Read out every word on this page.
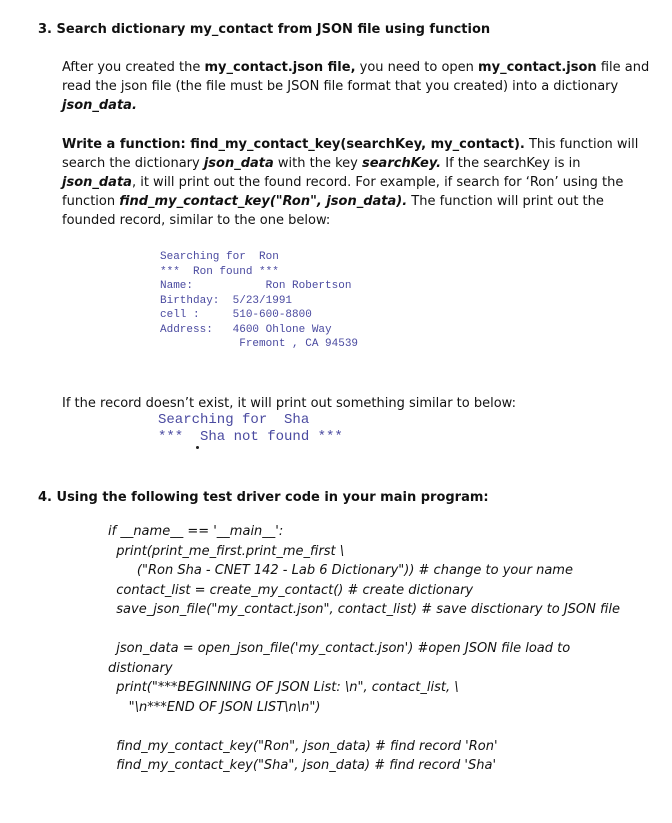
3. Search dictionary my_contact from JSON file using function
After you created the my_contact.json file, you need to open my_contact.json file and
read the json file (the file must be JSON file format that you created) into a dictionary
json_data.
Write a function: find_my_contact_key(searchKey, my_contact). This function will
search the dictionary json_data with the key searchKey. If the searchKey is in
json_data, it will print out the found record. For example, if search for ‘Ron’ using the
function find_my_contact_key("Ron", json_data). The function will print out the
founded record, similar to the one below:
Searching for  Ron
***  Ron found ***
Name:           Ron Robertson
Birthday:  5/23/1991
cell :     510-600-8800
Address:   4600 Ohlone Way
Fremont , CA 94539
If the record doesn’t exist, it will print out something similar to below:
Searching for  Sha
***  Sha not found ***
4. Using the following test driver code in your main program:
if __name__ == '__main__':
print(print_me_first.print_me_first \
("Ron Sha - CNET 142 - Lab 6 Dictionary")) # change to your name
contact_list = create_my_contact() # create dictionary
save_json_file("my_contact.json", contact_list) # save disctionary to JSON file
json_data = open_json_file('my_contact.json') #open JSON file load to
distionary
print("***BEGINNING OF JSON List: \n", contact_list, \
"\n***END OF JSON LIST\n\n")
find_my_contact_key("Ron", json_data) # find record 'Ron'
find_my_contact_key("Sha", json_data) # find record 'Sha'
